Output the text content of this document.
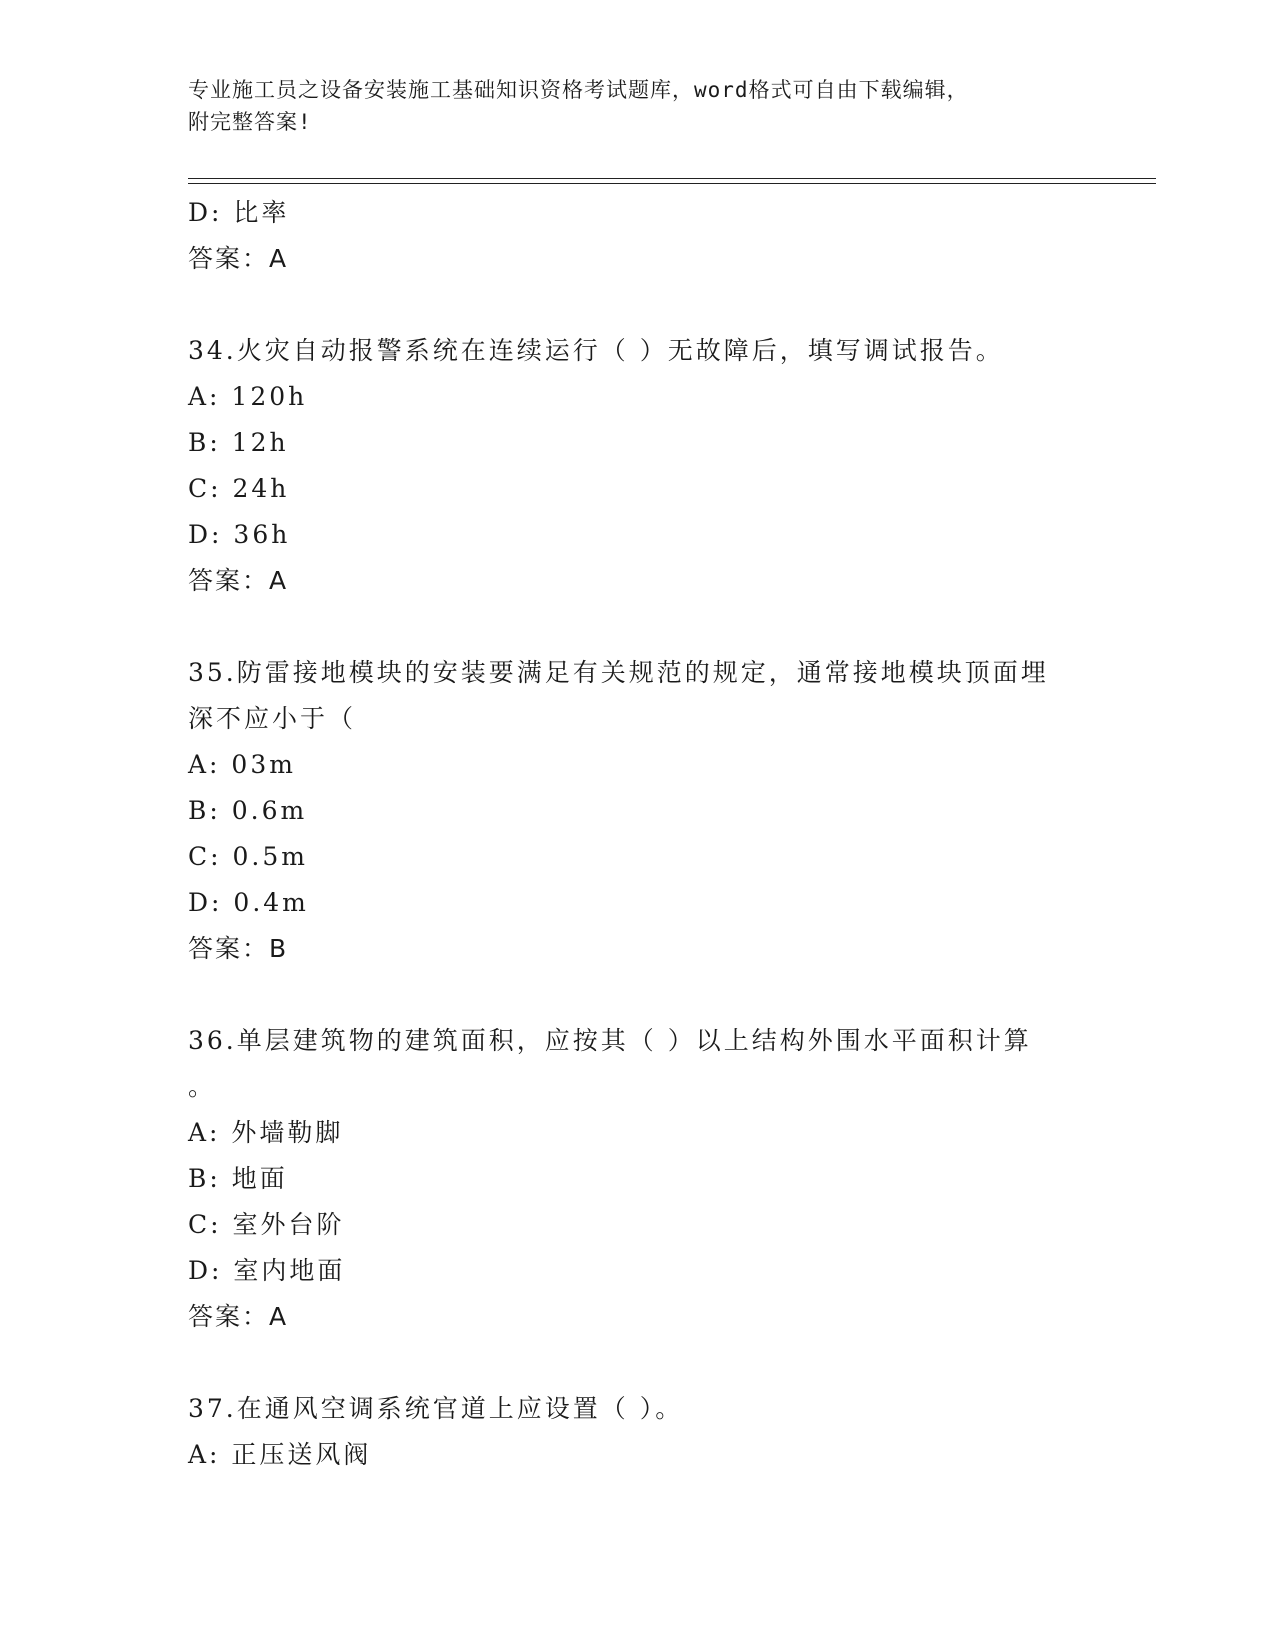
专业施工员之设备安装施工基础知识资格考试题库，word格式可自由下载编辑，
附完整答案!
D: 比率
答案：A
34.火灾自动报警系统在连续运行（ ）无故障后，填写调试报告。
A: 120h
B: 12h
C: 24h
D: 36h
答案：A
35.防雷接地模块的安装要满足有关规范的规定，通常接地模块顶面埋
深不应小于（
A: 03m
B: 0.6m
C: 0.5m
D: 0.4m
答案：B
36.单层建筑物的建筑面积，应按其（ ）以上结构外围水平面积计算
。
A: 外墙勒脚
B: 地面
C: 室外台阶
D: 室内地面
答案：A
37.在通风空调系统官道上应设置（ ）。
A: 正压送风阀
